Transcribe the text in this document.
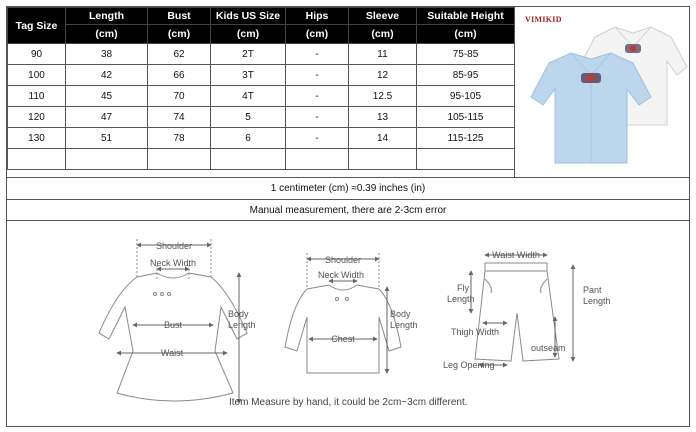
Tag Size	Length	Bust	Kids US Size	Hips	Sleeve	Suitable Height
	(cm)	(cm)	(cm)	(cm)	(cm)	(cm)
90	38	62	2T	-	11	75-85
100	42	66	3T	-	12	85-95
110	45	70	4T	-	12.5	95-105
120	47	74	5	-	13	105-115
130	51	78	6	-	14	115-125

VIMIKID
1 centimeter (cm) ≈0.39 inches (in)
Manual measurement, there are 2-3cm error
Shoulder
Neck Width
Bust
Waist
Body
Length
Shoulder
Neck Width
Chest
Body
Length
Waist Width
Fly
Length
Pant
Length
Thigh Width
outseam
Leg Opening
Item Measure by hand, it could be 2cm~3cm different.
